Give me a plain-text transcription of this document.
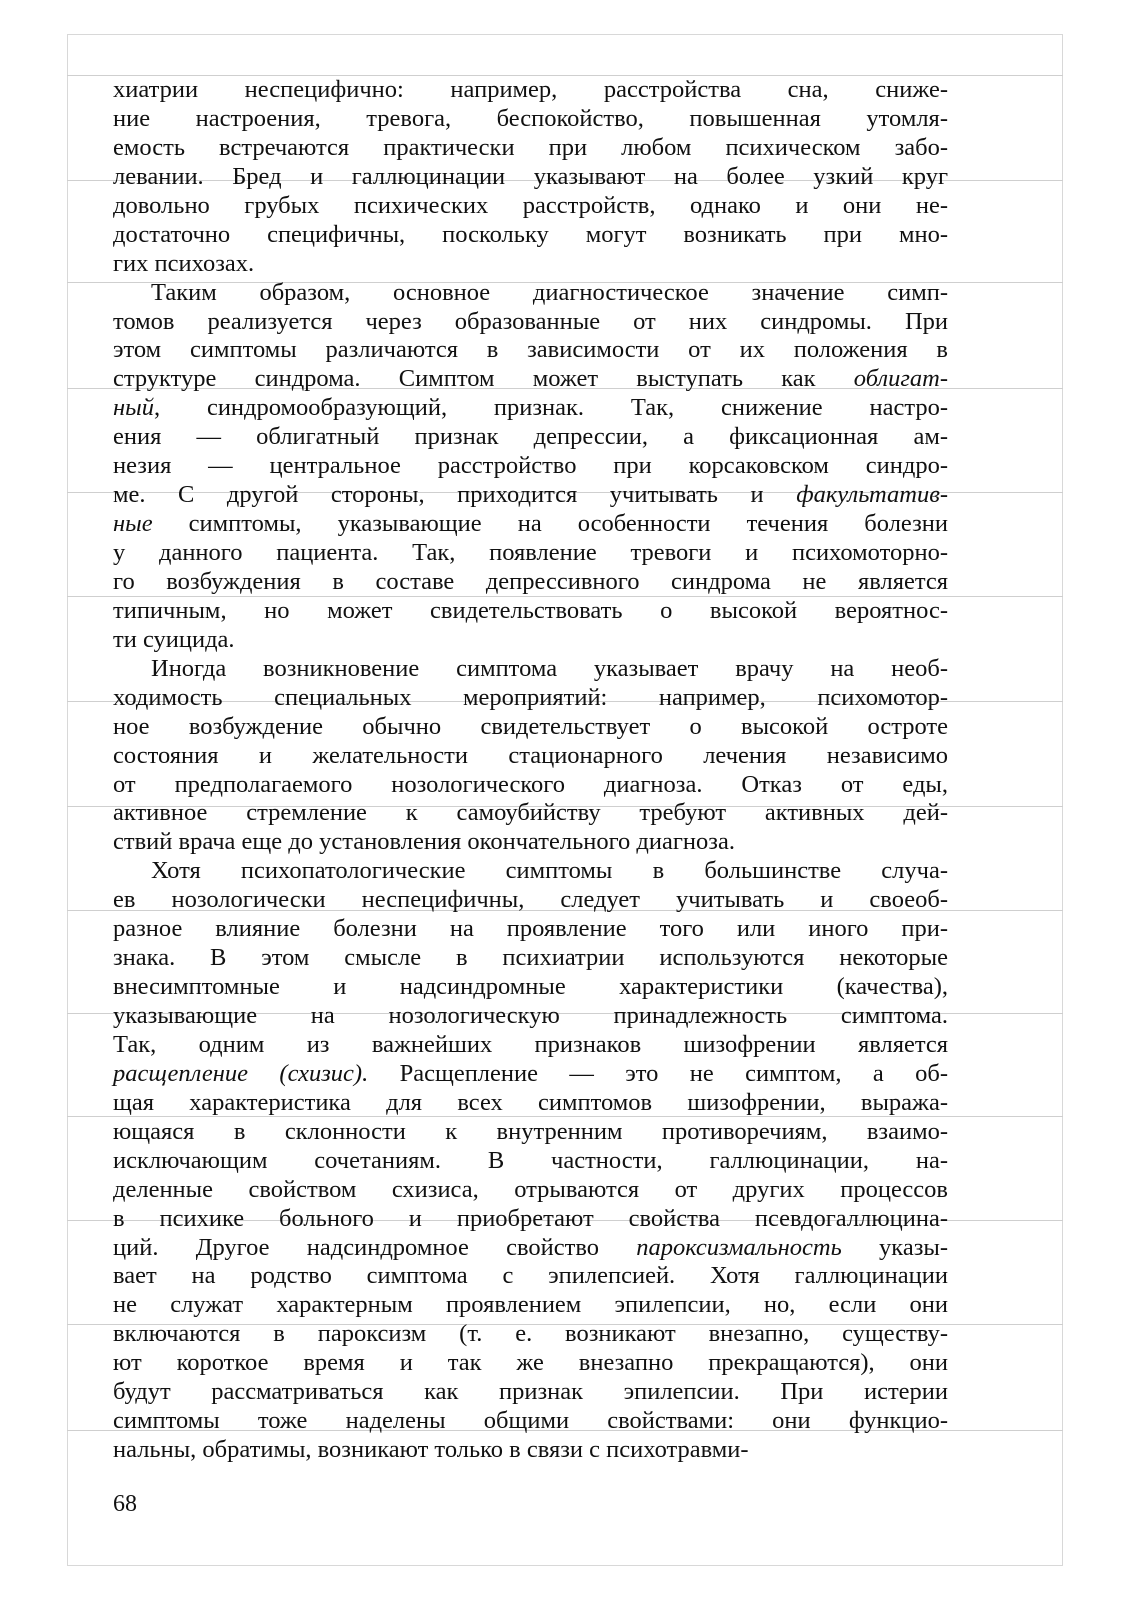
хиатрии неспецифично: например, расстройства сна, сниже-
ние настроения, тревога, беспокойство, повышенная утомля-
емость встречаются практически при любом психическом забо-
левании. Бред и галлюцинации указывают на более узкий круг
довольно грубых психических расстройств, однако и они не-
достаточно специфичны, поскольку могут возникать при мно-
гих психозах.

Таким образом, основное диагностическое значение симп-
томов реализуется через образованные от них синдромы. При
этом симптомы различаются в зависимости от их положения в
структуре синдрома. Симптом может выступать как облигат-
ный, синдромообразующий, признак. Так, снижение настро-
ения — облигатный признак депрессии, а фиксационная ам-
незия — центральное расстройство при корсаковском синдро-
ме. С другой стороны, приходится учитывать и факультатив-
ные симптомы, указывающие на особенности течения болезни
у данного пациента. Так, появление тревоги и психомоторно-
го возбуждения в составе депрессивного синдрома не является
типичным, но может свидетельствовать о высокой вероятнос-
ти суицида.

Иногда возникновение симптома указывает врачу на необ-
ходимость специальных мероприятий: например, психомотор-
ное возбуждение обычно свидетельствует о высокой остроте
состояния и желательности стационарного лечения независимо
от предполагаемого нозологического диагноза. Отказ от еды,
активное стремление к самоубийству требуют активных дей-
ствий врача еще до установления окончательного диагноза.

Хотя психопатологические симптомы в большинстве случа-
ев нозологически неспецифичны, следует учитывать и своеоб-
разное влияние болезни на проявление того или иного при-
знака. В этом смысле в психиатрии используются некоторые
внесимптомные и надсиндромные характеристики (качества),
указывающие на нозологическую принадлежность симптома.
Так, одним из важнейших признаков шизофрении является
расщепление (схизис). Расщепление — это не симптом, а об-
щая характеристика для всех симптомов шизофрении, выража-
ющаяся в склонности к внутренним противоречиям, взаимо-
исключающим сочетаниям. В частности, галлюцинации, на-
деленные свойством схизиса, отрываются от других процессов
в психике больного и приобретают свойства псевдогаллюцина-
ций. Другое надсиндромное свойство пароксизмальность указы-
вает на родство симптома с эпилепсией. Хотя галлюцинации
не служат характерным проявлением эпилепсии, но, если они
включаются в пароксизм (т. е. возникают внезапно, существу-
ют короткое время и так же внезапно прекращаются), они
будут рассматриваться как признак эпилепсии. При истерии
симптомы тоже наделены общими свойствами: они функцио-
нальны, обратимы, возникают только в связи с психотравми-

68
